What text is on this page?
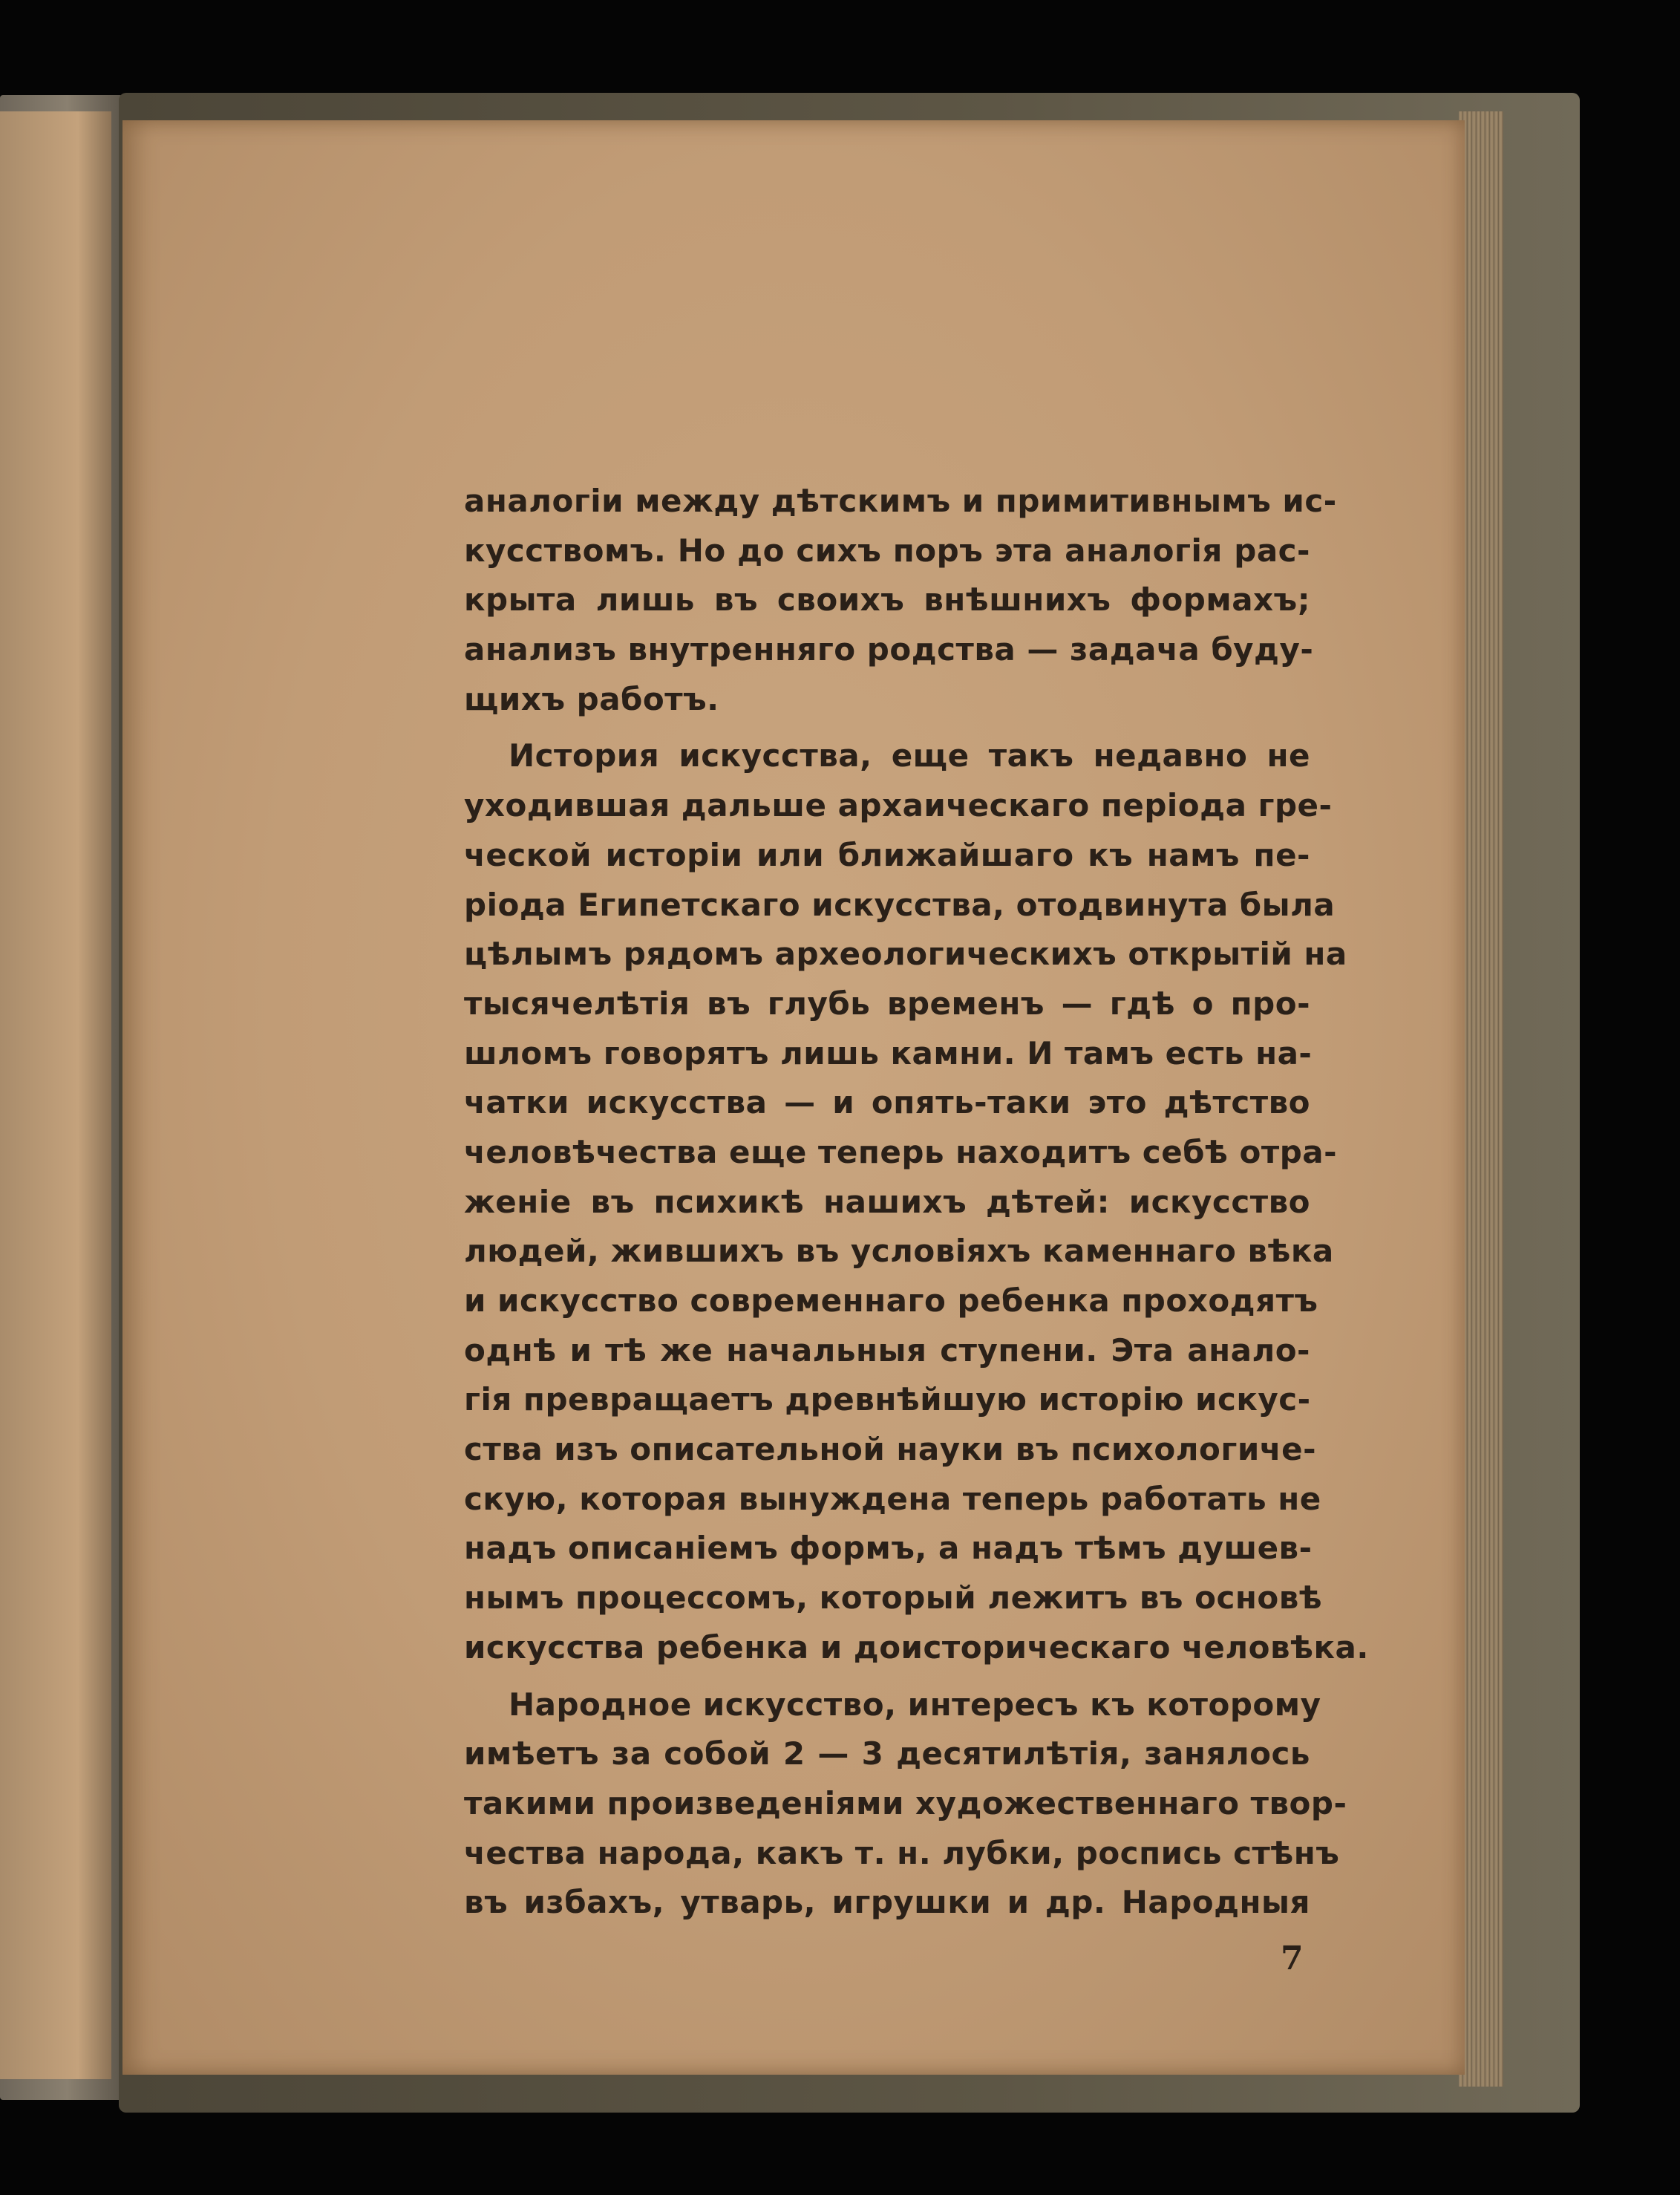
аналогіи между дѣтскимъ и примитивнымъ ис-
кусствомъ. Но до сихъ поръ эта аналогія рас-
крыта лишь въ своихъ внѣшнихъ формахъ;
анализъ внутренняго родства — задача буду-
щихъ работъ.
История искусства, еще такъ недавно не
уходившая дальше архаическаго періода гре-
ческой исторіи или ближайшаго къ намъ пе-
ріода Египетскаго искусства, отодвинута была
цѣлымъ рядомъ археологическихъ открытій на
тысячелѣтія въ глубь временъ — гдѣ о про-
шломъ говорятъ лишь камни. И тамъ есть на-
чатки искусства — и опять-таки это дѣтство
человѣчества еще теперь находитъ себѣ отра-
женіе въ психикѣ нашихъ дѣтей: искусство
людей, жившихъ въ условіяхъ каменнаго вѣка
и искусство современнаго ребенка проходятъ
однѣ и тѣ же начальныя ступени. Эта анало-
гія превращаетъ древнѣйшую исторію искус-
ства изъ описательной науки въ психологиче-
скую, которая вынуждена теперь работать не
надъ описаніемъ формъ, а надъ тѣмъ душев-
нымъ процессомъ, который лежитъ въ основѣ
искусства ребенка и доисторическаго человѣка.
Народное искусство, интересъ къ которому
имѣетъ за собой 2 — 3 десятилѣтія, занялось
такими произведеніями художественнаго твор-
чества народа, какъ т. н. лубки, роспись стѣнъ
въ избахъ, утварь, игрушки и др. Народныя
7
